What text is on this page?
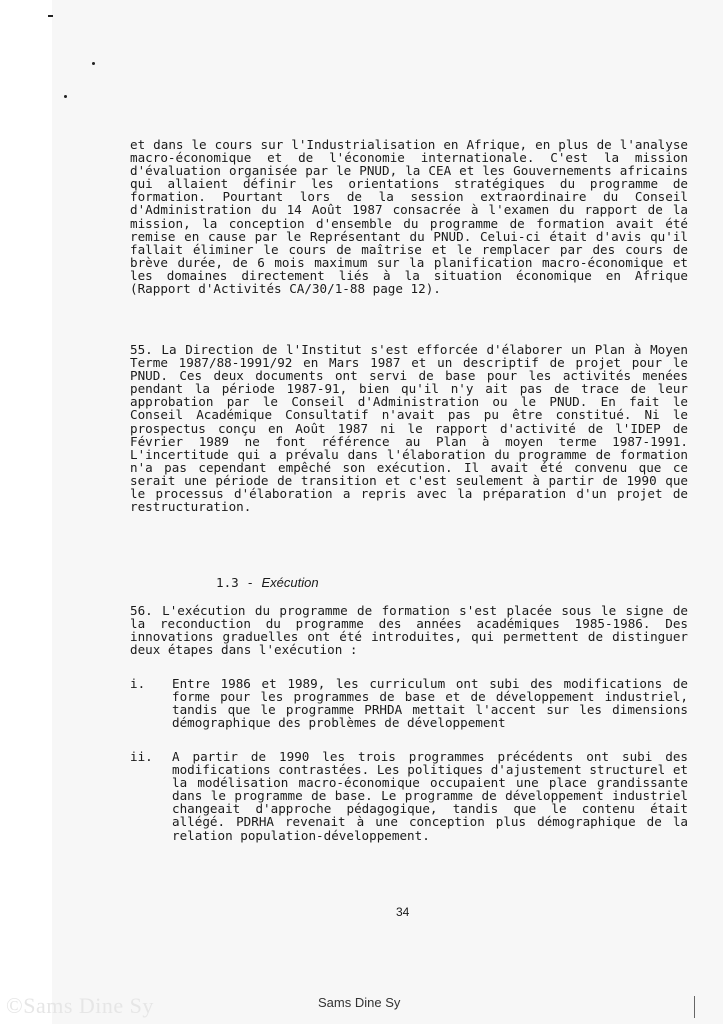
et dans le cours sur l'Industrialisation en Afrique, en plus de l'analyse macro-économique et de l'économie internationale. C'est la mission d'évaluation organisée par le PNUD, la CEA et les Gouvernements africains qui allaient définir les orientations stratégiques du programme de formation. Pourtant lors de la session extraordinaire du Conseil d'Administration du 14 Août 1987 consacrée à l'examen du rapport de la mission, la conception d'ensemble du programme de formation avait été remise en cause par le Représentant du PNUD. Celui-ci était d'avis qu'il fallait éliminer le cours de maîtrise et le remplacer par des cours de brève durée, de 6 mois maximum sur la planification macro-économique et les domaines directement liés à la situation économique en Afrique (Rapport d'Activités CA/30/1-88 page 12).

55. La Direction de l'Institut s'est efforcée d'élaborer un Plan à Moyen Terme 1987/88-1991/92 en Mars 1987 et un descriptif de projet pour le PNUD. Ces deux documents ont servi de base pour les activités menées pendant la période 1987-91, bien qu'il n'y ait pas de trace de leur approbation par le Conseil d'Administration ou le PNUD. En fait le Conseil Académique Consultatif n'avait pas pu être constitué. Ni le prospectus conçu en Août 1987 ni le rapport d'activité de l'IDEP de Février 1989 ne font référence au Plan à moyen terme 1987-1991. L'incertitude qui a prévalu dans l'élaboration du programme de formation n'a pas cependant empêché son exécution. Il avait été convenu que ce serait une période de transition et c'est seulement à partir de 1990 que le processus d'élaboration a repris avec la préparation d'un projet de restructuration.

1.3 - Exécution

56. L'exécution du programme de formation s'est placée sous le signe de la reconduction du programme des années académiques 1985-1986. Des innovations graduelles ont été introduites, qui permettent de distinguer deux étapes dans l'exécution :

i.	Entre 1986 et 1989, les curriculum ont subi des modifications de forme pour les programmes de base et de développement industriel, tandis que le programme PRHDA mettait l'accent sur les dimensions démographique des problèmes de développement

ii.	A partir de 1990 les trois programmes précédents ont subi des modifications contrastées. Les politiques d'ajustement structurel et la modélisation macro-économique occupaient une place grandissante dans le programme de base. Le programme de développement industriel changeait d'approche pédagogique, tandis que le contenu était allégé. PDRHA revenait à une conception plus démographique de la relation population-développement.

34
©Sams Dine Sy	Sams Dine Sy
